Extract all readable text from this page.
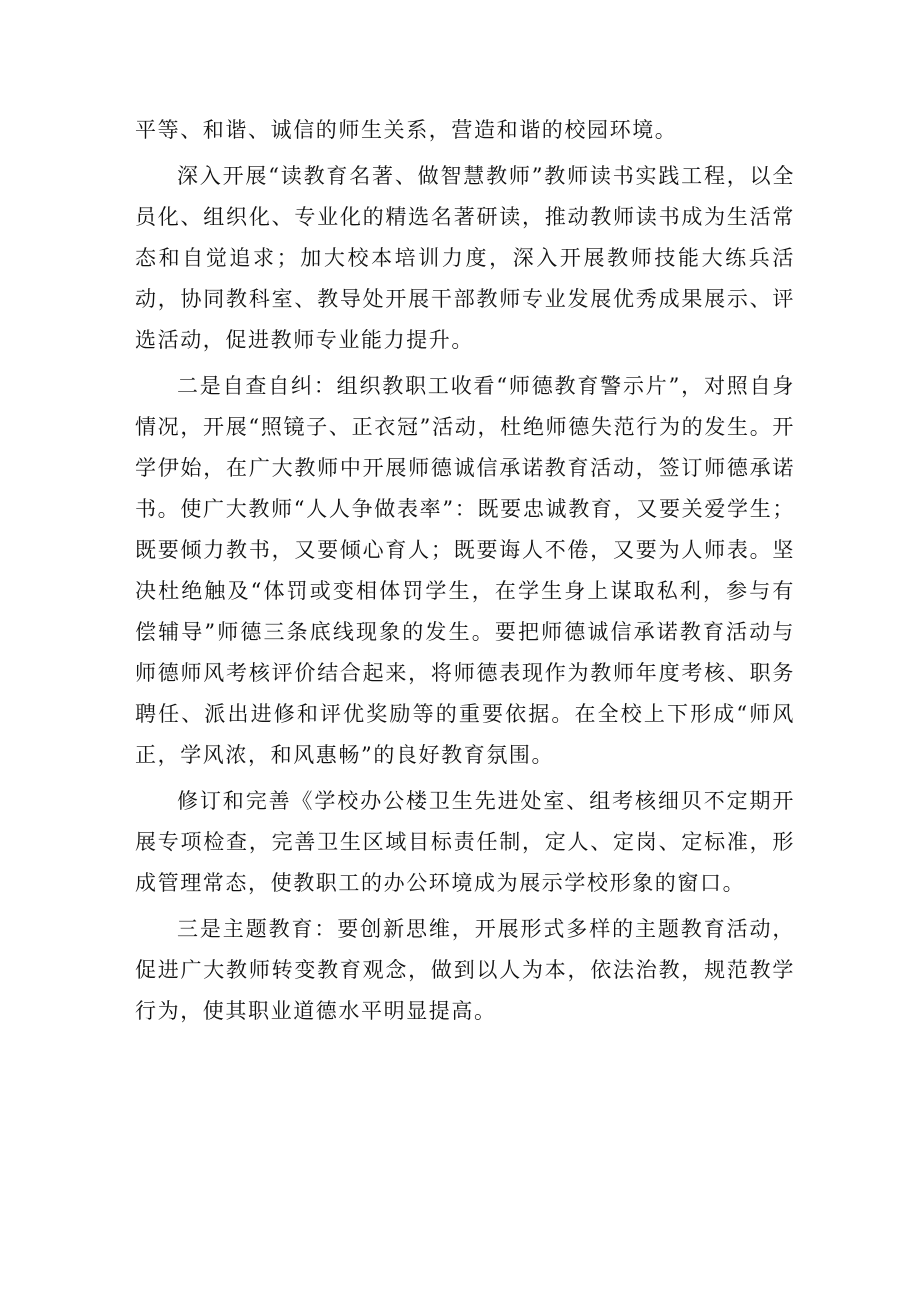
平等、和谐、诚信的师生关系，营造和谐的校园环境。

深入开展“读教育名著、做智慧教师”教师读书实践工程，以全员化、组织化、专业化的精选名著研读，推动教师读书成为生活常态和自觉追求；加大校本培训力度，深入开展教师技能大练兵活动，协同教科室、教导处开展干部教师专业发展优秀成果展示、评选活动，促进教师专业能力提升。

二是自查自纠：组织教职工收看“师德教育警示片”，对照自身情况，开展“照镜子、正衣冠”活动，杜绝师德失范行为的发生。开学伊始，在广大教师中开展师德诚信承诺教育活动，签订师德承诺书。使广大教师“人人争做表率”：既要忠诚教育，又要关爱学生；既要倾力教书，又要倾心育人；既要诲人不倦，又要为人师表。坚决杜绝触及“体罚或变相体罚学生，在学生身上谋取私利，参与有偿辅导”师德三条底线现象的发生。要把师德诚信承诺教育活动与师德师风考核评价结合起来，将师德表现作为教师年度考核、职务聘任、派出进修和评优奖励等的重要依据。在全校上下形成“师风正，学风浓，和风惠畅”的良好教育氛围。

修订和完善《学校办公楼卫生先进处室、组考核细贝不定期开展专项检查，完善卫生区域目标责任制，定人、定岗、定标准，形成管理常态，使教职工的办公环境成为展示学校形象的窗口。

三是主题教育：要创新思维，开展形式多样的主题教育活动，促进广大教师转变教育观念，做到以人为本，依法治教，规范教学行为，使其职业道德水平明显提高。
